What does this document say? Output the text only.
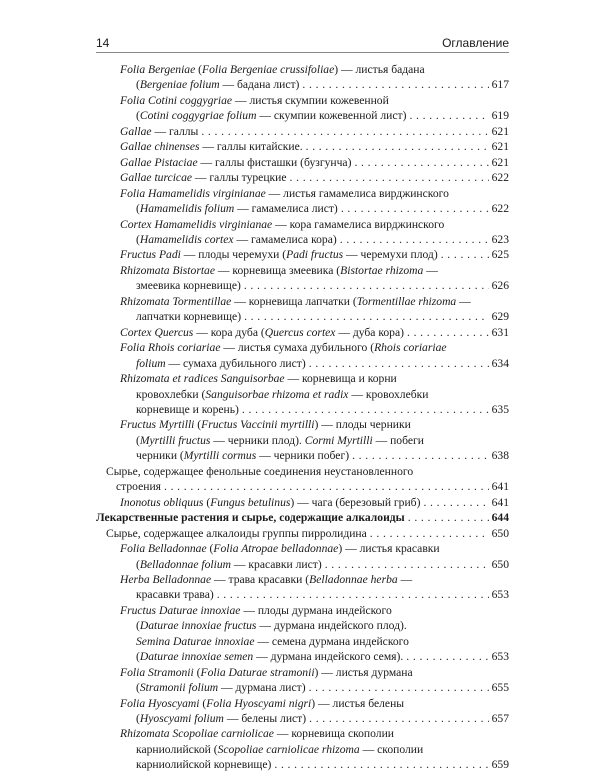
14	Оглавление
Folia Bergeniae (Folia Bergeniae crussifoliae) — листья бадана
(Bergeniae folium — бадана лист) . . .	617
Folia Cotini coggygriae — листья скумпии кожевенной
(Cotini coggygriae folium — скумпии кожевенной лист) . . .	619
Gallae — галлы . . .	621
Gallae chinenses — галлы китайские. . . .	621
Gallae Pistaciae — галлы фисташки (бузгунча) . . .	621
Gallae turcicae — галлы турецкие . . .	622
Folia Hamamelidis virginianae — листья гамамелиса вирджинского
(Hamamelidis folium — гамамелиса лист) . . .	622
Cortex Hamamelidis virginianae — кора гамамелиса вирджинского
(Hamamelidis cortex — гамамелиса кора) . . .	623
Fructus Padi — плоды черемухи (Padi fructus — черемухи плод) . . .	625
Rhizomata Bistortae — корневища змеевика (Bistortae rhizoma —
змеевика корневище) . . .	626
Rhizomata Tormentillae — корневища лапчатки (Tormentillae rhizoma —
лапчатки корневище) . . .	629
Cortex Quercus — кора дуба (Quercus cortex — дуба кора) . . .	631
Folia Rhois coriariae — листья сумаха дубильного (Rhois coriariae
folium — сумаха дубильного лист) . . .	634
Rhizomata et radices Sanguisorbae — корневища и корни
кровохлебки (Sanguisorbae rhizoma et radix — кровохлебки
корневище и корень) . . .	635
Fructus Myrtilli (Fructus Vaccinii myrtilli) — плоды черники
(Myrtilli fructus — черники плод). Cormi Myrtilli — побеги
черники (Myrtilli cormus — черники побег) . . .	638
Сырье, содержащее фенольные соединения неустановленного
строения . . .	641
Inonotus obliquus (Fungus betulinus) — чага (березовый гриб) . . .	641
Лекарственные растения и сырье, содержащие алкалоиды . . .	644
Сырье, содержащее алкалоиды группы пирролидина . . .	650
Folia Belladonnae (Folia Atropae belladonnae) — листья красавки
(Belladonnae folium — красавки лист) . . .	650
Herba Belladonnae — трава красавки (Belladonnae herba —
красавки трава) . . .	653
Fructus Daturae innoxiae — плоды дурмана индейского
(Daturae innoxiae fructus — дурмана индейского плод).
Semina Daturae innoxiae — семена дурмана индейского
(Daturae innoxiae semen — дурмана индейского семя). . . .	653
Folia Stramonii (Folia Daturae stramonii) — листья дурмана
(Stramonii folium — дурмана лист) . . .	655
Folia Hyoscyami (Folia Hyoscyami nigri) — листья белены
(Hyoscyami folium — белены лист) . . .	657
Rhizomata Scopoliae carniolicae — корневища скополии
карниолийской (Scopoliae carniolicae rhizoma — скополии
карниолийской корневище) . . .	659
